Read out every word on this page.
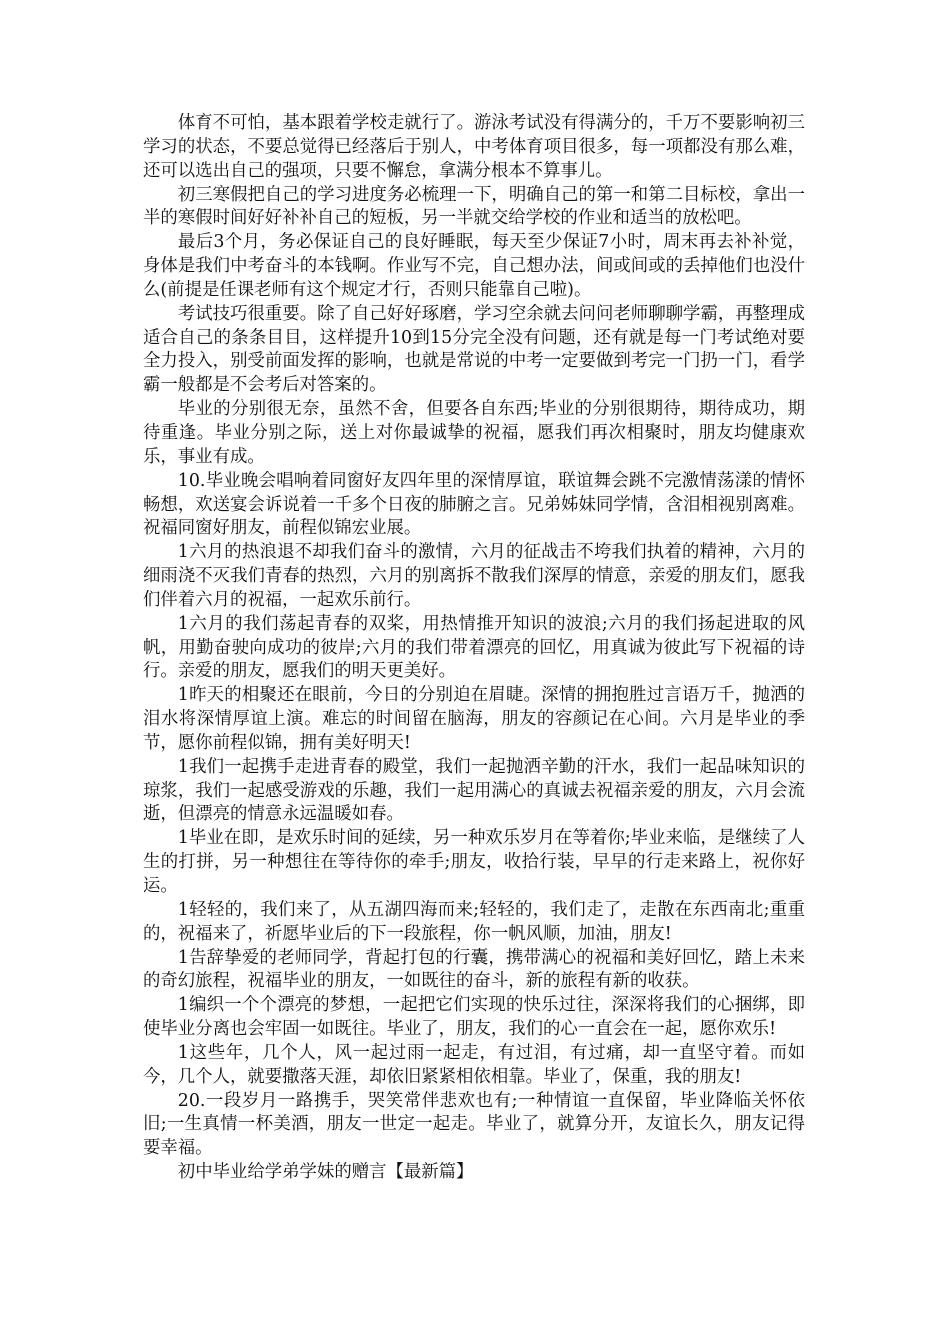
体育不可怕，基本跟着学校走就行了。游泳考试没有得满分的，千万不要影响初三学习的状态，不要总觉得已经落后于别人，中考体育项目很多，每一项都没有那么难，还可以选出自己的强项，只要不懈怠，拿满分根本不算事儿。

初三寒假把自己的学习进度务必梳理一下，明确自己的第一和第二目标校，拿出一半的寒假时间好好补补自己的短板，另一半就交给学校的作业和适当的放松吧。

最后3个月，务必保证自己的良好睡眠，每天至少保证7小时，周末再去补补觉，身体是我们中考奋斗的本钱啊。作业写不完，自己想办法，间或间或的丢掉他们也没什么(前提是任课老师有这个规定才行，否则只能靠自己啦)。

考试技巧很重要。除了自己好好琢磨，学习空余就去问问老师聊聊学霸，再整理成适合自己的条条目目，这样提升10到15分完全没有问题，还有就是每一门考试绝对要全力投入，别受前面发挥的影响，也就是常说的中考一定要做到考完一门扔一门，看学霸一般都是不会考后对答案的。

毕业的分别很无奈，虽然不舍，但要各自东西;毕业的分别很期待，期待成功，期待重逢。毕业分别之际，送上对你最诚挚的祝福，愿我们再次相聚时，朋友均健康欢乐，事业有成。

10.毕业晚会唱响着同窗好友四年里的深情厚谊，联谊舞会跳不完激情荡漾的情怀畅想，欢送宴会诉说着一千多个日夜的肺腑之言。兄弟姊妹同学情，含泪相视别离难。祝福同窗好朋友，前程似锦宏业展。

1六月的热浪退不却我们奋斗的激情，六月的征战击不垮我们执着的精神，六月的细雨浇不灭我们青春的热烈，六月的别离拆不散我们深厚的情意，亲爱的朋友们，愿我们伴着六月的祝福，一起欢乐前行。

1六月的我们荡起青春的双桨，用热情推开知识的波浪;六月的我们扬起进取的风帆，用勤奋驶向成功的彼岸;六月的我们带着漂亮的回忆，用真诚为彼此写下祝福的诗行。亲爱的朋友，愿我们的明天更美好。

1昨天的相聚还在眼前，今日的分别迫在眉睫。深情的拥抱胜过言语万千，抛洒的泪水将深情厚谊上演。难忘的时间留在脑海，朋友的容颜记在心间。六月是毕业的季节，愿你前程似锦，拥有美好明天!

1我们一起携手走进青春的殿堂，我们一起抛洒辛勤的汗水，我们一起品味知识的琼浆，我们一起感受游戏的乐趣，我们一起用满心的真诚去祝福亲爱的朋友，六月会流逝，但漂亮的情意永远温暖如春。

1毕业在即，是欢乐时间的延续，另一种欢乐岁月在等着你;毕业来临，是继续了人生的打拼，另一种想往在等待你的牵手;朋友，收拾行装，早早的行走来路上，祝你好运。

1轻轻的，我们来了，从五湖四海而来;轻轻的，我们走了，走散在东西南北;重重的，祝福来了，祈愿毕业后的下一段旅程，你一帆风顺，加油，朋友!

1告辞挚爱的老师同学，背起打包的行囊，携带满心的祝福和美好回忆，踏上未来的奇幻旅程，祝福毕业的朋友，一如既往的奋斗，新的旅程有新的收获。

1编织一个个漂亮的梦想，一起把它们实现的快乐过往，深深将我们的心捆绑，即使毕业分离也会牢固一如既往。毕业了，朋友，我们的心一直会在一起，愿你欢乐!

1这些年，几个人，风一起过雨一起走，有过泪，有过痛，却一直坚守着。而如今，几个人，就要撒落天涯，却依旧紧紧相依相靠。毕业了，保重，我的朋友!

20.一段岁月一路携手，哭笑常伴悲欢也有;一种情谊一直保留，毕业降临关怀依旧;一生真情一杯美酒，朋友一世定一起走。毕业了，就算分开，友谊长久，朋友记得要幸福。

初中毕业给学弟学妹的赠言【最新篇】
